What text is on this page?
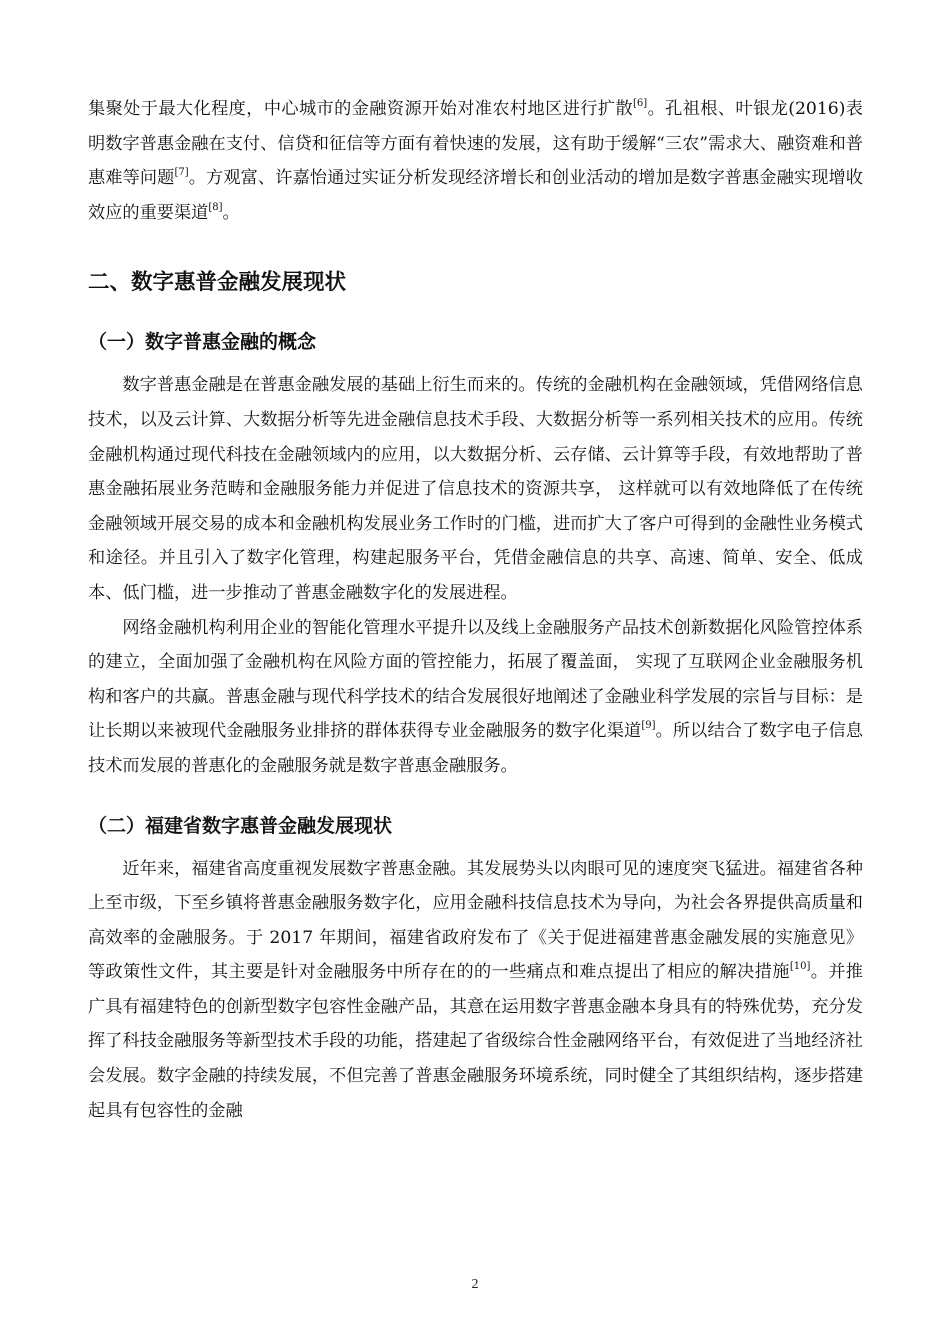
集聚处于最大化程度，中心城市的金融资源开始对准农村地区进行扩散[6]。孔祖根、叶银龙(2016)表明数字普惠金融在支付、信贷和征信等方面有着快速的发展，这有助于缓解“三农”需求大、融资难和普惠难等问题[7]。方观富、许嘉怡通过实证分析发现经济增长和创业活动的增加是数字普惠金融实现增收效应的重要渠道[8]。

二、数字惠普金融发展现状
（一）数字普惠金融的概念

数字普惠金融是在普惠金融发展的基础上衍生而来的。传统的金融机构在金融领域，凭借网络信息技术，以及云计算、大数据分析等先进金融信息技术手段、大数据分析等一系列相关技术的应用。传统金融机构通过现代科技在金融领域内的应用，以大数据分析、云存储、云计算等手段，有效地帮助了普惠金融拓展业务范畴和金融服务能力并促进了信息技术的资源共享， 这样就可以有效地降低了在传统金融领域开展交易的成本和金融机构发展业务工作时的门槛，进而扩大了客户可得到的金融性业务模式和途径。并且引入了数字化管理，构建起服务平台，凭借金融信息的共享、高速、简单、安全、低成本、低门槛，进一步推动了普惠金融数字化的发展进程。

网络金融机构利用企业的智能化管理水平提升以及线上金融服务产品技术创新数据化风险管控体系的建立，全面加强了金融机构在风险方面的管控能力，拓展了覆盖面， 实现了互联网企业金融服务机构和客户的共赢。普惠金融与现代科学技术的结合发展很好地阐述了金融业科学发展的宗旨与目标：是让长期以来被现代金融服务业排挤的群体获得专业金融服务的数字化渠道[9]。所以结合了数字电子信息技术而发展的普惠化的金融服务就是数字普惠金融服务。

（二）福建省数字惠普金融发展现状

近年来，福建省高度重视发展数字普惠金融。其发展势头以肉眼可见的速度突飞猛进。福建省各种上至市级，下至乡镇将普惠金融服务数字化，应用金融科技信息技术为导向，为社会各界提供高质量和高效率的金融服务。于 2017 年期间，福建省政府发布了《关于促进福建普惠金融发展的实施意见》等政策性文件，其主要是针对金融服务中所存在的的一些痛点和难点提出了相应的解决措施[10]。并推广具有福建特色的创新型数字包容性金融产品，其意在运用数字普惠金融本身具有的特殊优势，充分发挥了科技金融服务等新型技术手段的功能，搭建起了省级综合性金融网络平台，有效促进了当地经济社会发展。数字金融的持续发展，不但完善了普惠金融服务环境系统，同时健全了其组织结构，逐步搭建起具有包容性的金融

2
